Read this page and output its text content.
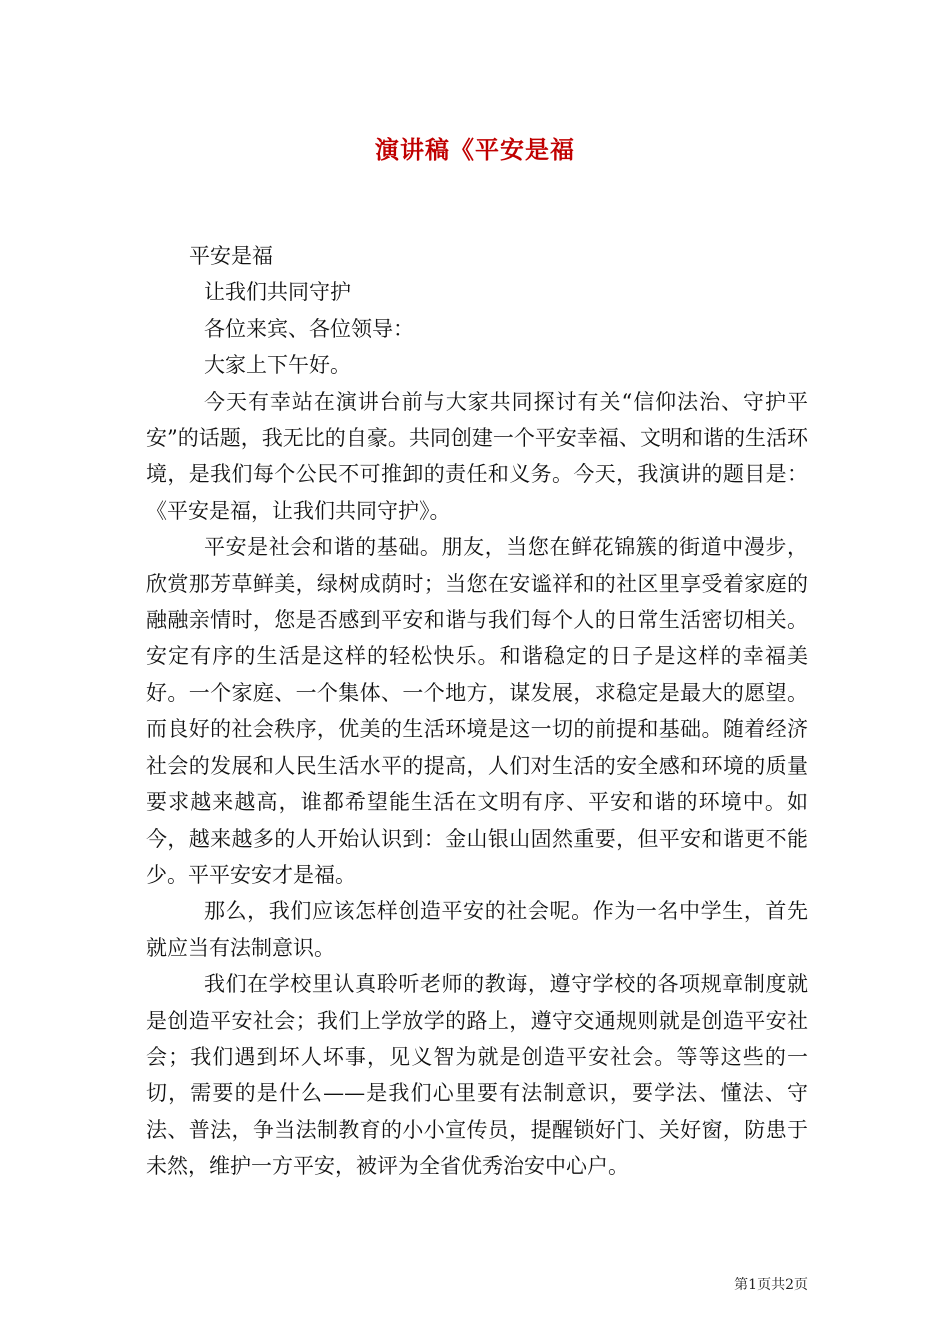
演讲稿《平安是福

平安是福

让我们共同守护

各位来宾、各位领导：

大家上下午好。

今天有幸站在演讲台前与大家共同探讨有关“信仰法治、守护平安”的话题，我无比的自豪。共同创建一个平安幸福、文明和谐的生活环境，是我们每个公民不可推卸的责任和义务。今天，我演讲的题目是：《平安是福，让我们共同守护》。

平安是社会和谐的基础。朋友，当您在鲜花锦簇的街道中漫步，欣赏那芳草鲜美，绿树成荫时；当您在安谧祥和的社区里享受着家庭的融融亲情时，您是否感到平安和谐与我们每个人的日常生活密切相关。安定有序的生活是这样的轻松快乐。和谐稳定的日子是这样的幸福美好。一个家庭、一个集体、一个地方，谋发展，求稳定是最大的愿望。而良好的社会秩序，优美的生活环境是这一切的前提和基础。随着经济社会的发展和人民生活水平的提高，人们对生活的安全感和环境的质量要求越来越高，谁都希望能生活在文明有序、平安和谐的环境中。如今，越来越多的人开始认识到：金山银山固然重要，但平安和谐更不能少。平平安安才是福。

那么，我们应该怎样创造平安的社会呢。作为一名中学生，首先就应当有法制意识。

我们在学校里认真聆听老师的教诲，遵守学校的各项规章制度就是创造平安社会；我们上学放学的路上，遵守交通规则就是创造平安社会；我们遇到坏人坏事，见义智为就是创造平安社会。等等这些的一切，需要的是什么——是我们心里要有法制意识，要学法、懂法、守法、普法，争当法制教育的小小宣传员，提醒锁好门、关好窗，防患于未然，维护一方平安，被评为全省优秀治安中心户。

第1页共2页
